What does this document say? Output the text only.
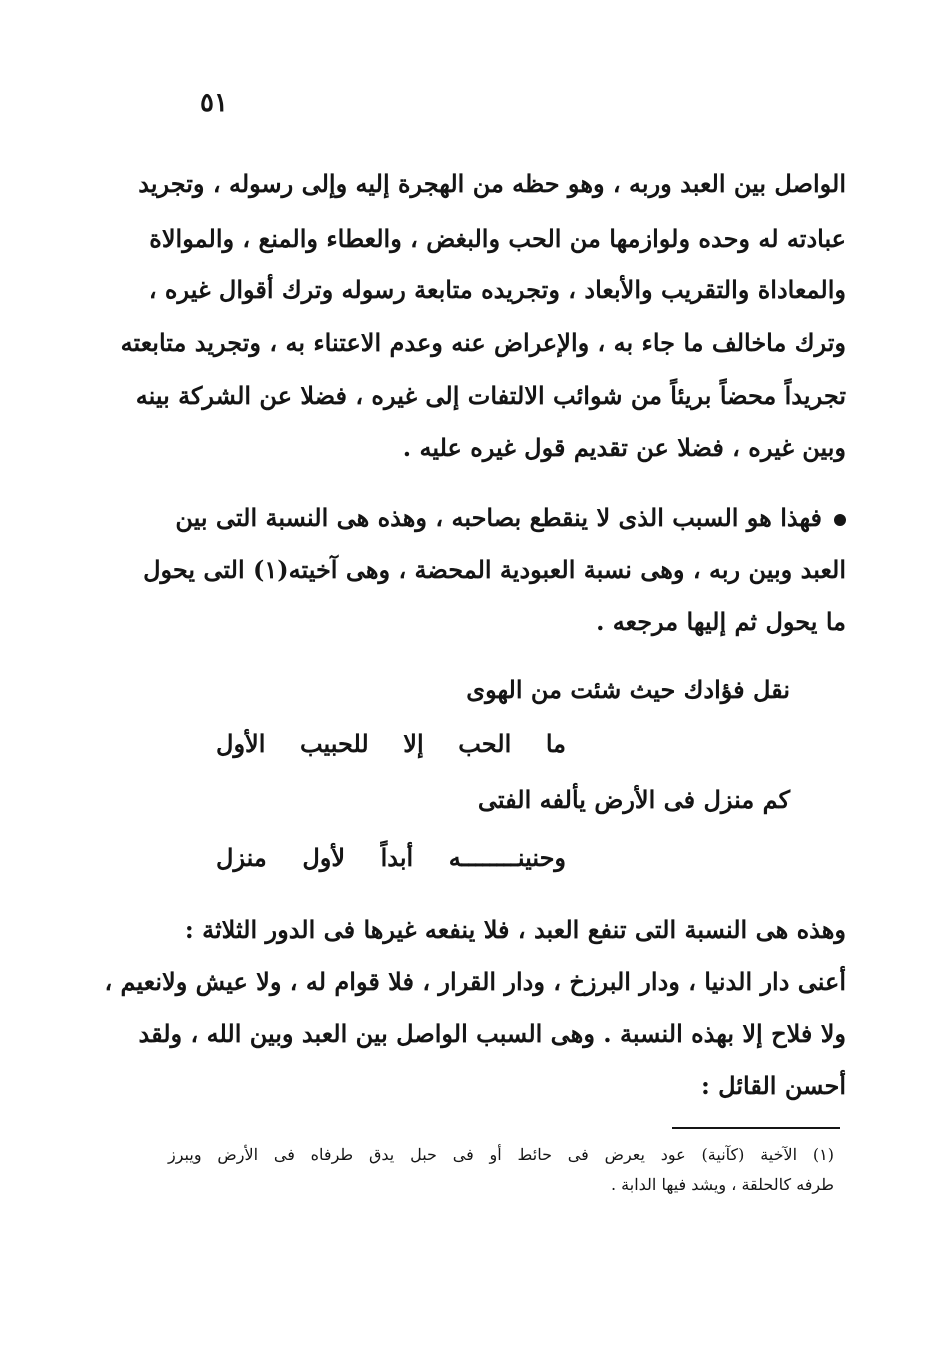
٥١
الواصل بين العبد وربه ، وهو حظه من الهجرة إليه وإلى رسوله ، وتجريد
عبادته له وحده ولوازمها من الحب والبغض ، والعطاء والمنع ، والموالاة
والمعاداة والتقريب والأبعاد ، وتجريده متابعة رسوله وترك أقوال غيره ،
وترك ماخالف ما جاء به ، والإعراض عنه وعدم الاعتناء به ، وتجريد متابعته
تجريداً محضاً بريئاً من شوائب الالتفات إلى غيره ، فضلا عن الشركة بينه
وبين غيره ، فضلا عن تقديم قول غيره عليه .
فهذا هو السبب الذى لا ينقطع بصاحبه ، وهذه هى النسبة التى بين
العبد وبين ربه ، وهى نسبة العبودية المحضة ، وهى آخيته(١) التى يحول
ما يحول ثم إليها مرجعه .
نقل فؤادك حيث شئت من الهوى
ما الحب إلا للحبيب الأول
كم منزل فى الأرض يألفه الفتى
وحنينــــــــه أبداً لأول منزل
وهذه هى النسبة التى تنفع العبد ، فلا ينفعه غيرها فى الدور الثلاثة :
أعنى دار الدنيا ، ودار البرزخ ، ودار القرار ، فلا قوام له ، ولا عيش ولانعيم ،
ولا فلاح إلا بهذه النسبة . وهى السبب الواصل بين العبد وبين الله ، ولقد
أحسن القائل :
(١) الآخية (كآنية) عود يعرض فى حائط أو فى حبل يدق طرفاه فى الأرض ويبرز
طرفه كالحلقة ، ويشد فيها الدابة .
